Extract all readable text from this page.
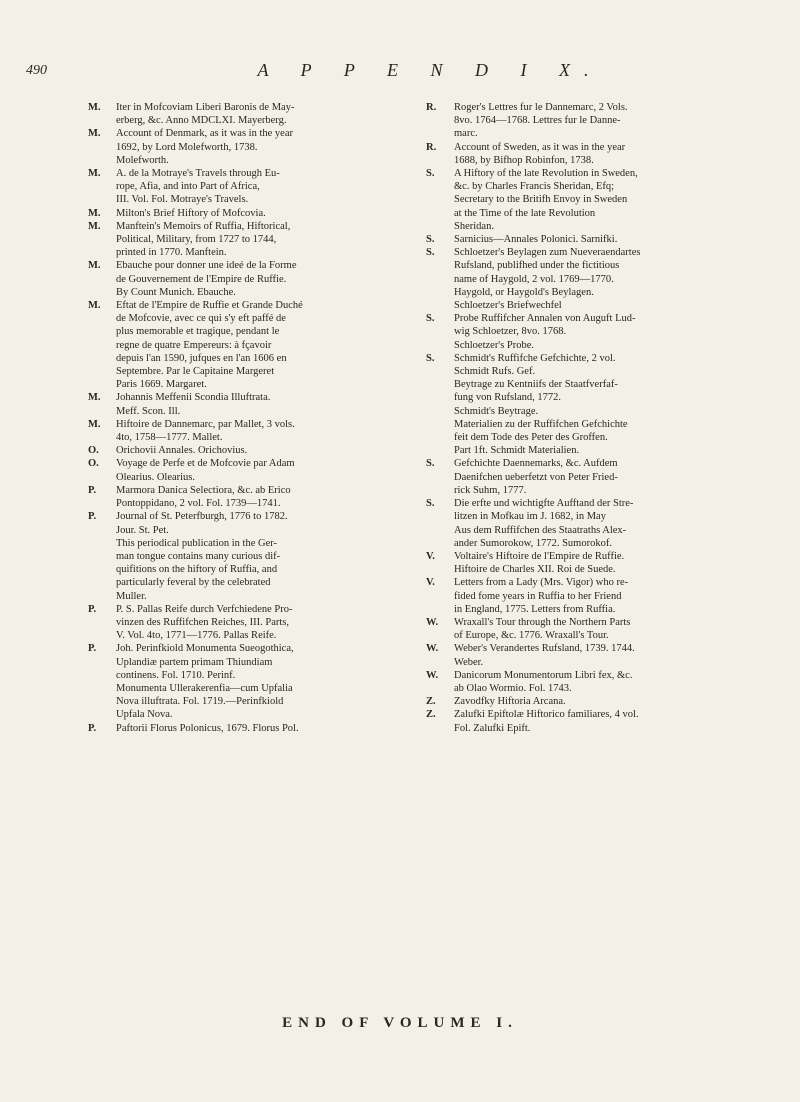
490	A P P E N D I X.
M.	Iter in Mofcoviam Liberi Baronis de May-
erberg, &c. Anno MDCLXI. Mayerberg.
M.	Account of Denmark, as it was in the year
1692, by Lord Molefworth, 1738.
Molefworth.
M.	A. de la Motraye's Travels through Eu-
rope, Afia, and into Part of Africa,
III. Vol. Fol. Motraye's Travels.
M.	Milton's Brief Hiftory of Mofcovia.
M.	Manftein's Memoirs of Ruffia, Hiftorical,
Political, Military, from 1727 to 1744,
printed in 1770. Manftein.
M.	Ebauche pour donner une ideé de la Forme
de Gouvernement de l'Empire de Ruffie.
By Count Munich. Ebauche.
M.	Eftat de l'Empire de Ruffie et Grande Duché
de Mofcovie, avec ce qui s'y eft paffé de
plus memorable et tragique, pendant le
regne de quatre Empereurs: à fçavoir
depuis l'an 1590, jufques en l'an 1606 en
Septembre. Par le Capitaine Margeret
Paris 1669. Margaret.
M.	Johannis Meffenii Scondia Illuftrata.
Meff. Scon. Ill.
M.	Hiftoire de Dannemarc, par Mallet, 3 vols.
4to, 1758—1777. Mallet.
O.	Orichovii Annales. Orichovius.
O.	Voyage de Perfe et de Mofcovie par Adam
Olearius. Olearius.
P.	Marmora Danica Selectiora, &c. ab Erico
Pontoppidano, 2 vol. Fol. 1739—1741.
P.	Journal of St. Peterfburgh, 1776 to 1782.
Jour. St. Pet.
This periodical publication in the Ger-
man tongue contains many curious dif-
quifitions on the hiftory of Ruffia, and
particularly feveral by the celebrated
Muller.
P.	P. S. Pallas Reife durch Verfchiedene Pro-
vinzen des Ruffifchen Reiches, III. Parts,
V. Vol. 4to, 1771—1776. Pallas Reife.
P.	Joh. Perinfkiold Monumenta Sueogothica,
Uplandiæ partem primam Thiundiam
continens. Fol. 1710. Perinf.
Monumenta Ullerakerenfia—cum Upfalia
Nova illuftrata. Fol. 1719.—Perinfkiold
Upfala Nova.
P.	Paftorii Florus Polonicus, 1679. Florus Pol.
R.	Roger's Lettres fur le Dannemarc, 2 Vols.
8vo. 1764—1768. Lettres fur le Danne-
marc.
R.	Account of Sweden, as it was in the year
1688, by Bifhop Robinfon, 1738.
S.	A Hiftory of the late Revolution in Sweden,
&c. by Charles Francis Sheridan, Efq;
Secretary to the Britifh Envoy in Sweden
at the Time of the late Revolution
Sheridan.
S.	Sarnicius—Annales Polonici. Sarnifki.
S.	Schloetzer's Beylagen zum Nueveraendartes
Rufsland, publifhed under the fictitious
name of Haygold, 2 vol. 1769—1770.
Haygold, or Haygold's Beylagen.
Schloetzer's Briefwechfel
S.	Probe Ruffifcher Annalen von Auguft Lud-
wig Schloetzer, 8vo. 1768.
Schloetzer's Probe.
S.	Schmidt's Ruffifche Gefchichte, 2 vol.
Schmidt Rufs. Gef.
Beytrage zu Kentniifs der Staatfverfaf-
fung von Rufsland, 1772.
Schmidt's Beytrage.
Materialien zu der Ruffifchen Gefchichte
feit dem Tode des Peter des Groffen.
Part 1ft. Schmidt Materialien.
S.	Gefchichte Daennemarks, &c. Aufdem
Daenifchen ueberfetzt von Peter Fried-
rick Suhm, 1777.
S.	Die erfte und wichtigfte Aufftand der Stre-
litzen in Mofkau im J. 1682, in May
Aus dem Ruffifchen des Staatraths Alex-
ander Sumorokow, 1772. Sumorokof.
V.	Voltaire's Hiftoire de l'Empire de Ruffie.
Hiftoire de Charles XII. Roi de Suede.
V.	Letters from a Lady (Mrs. Vigor) who re-
fided fome years in Ruffia to her Friend
in England, 1775. Letters from Ruffia.
W.	Wraxall's Tour through the Northern Parts
of Europe, &c. 1776. Wraxall's Tour.
W.	Weber's Verandertes Rufsland, 1739. 1744.
Weber.
W.	Danicorum Monumentorum Libri fex, &c.
ab Olao Wormio. Fol. 1743.
Z.	Zavodfky Hiftoria Arcana.
Z.	Zalufki Epiftolæ Hiftorico familiares, 4 vol.
Fol. Zalufki Epift.
END OF VOLUME I.
